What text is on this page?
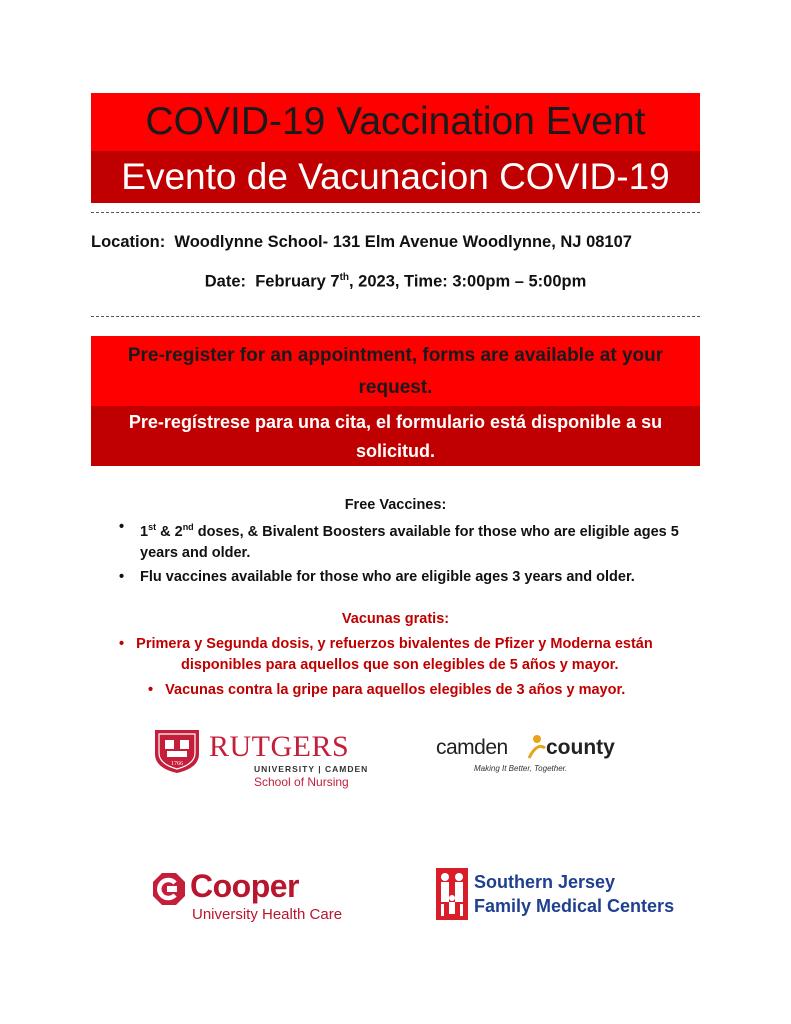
COVID-19 Vaccination Event
Evento de Vacunacion COVID-19
Location: Woodlynne School- 131 Elm Avenue Woodlynne, NJ 08107
Date: February 7th, 2023, Time: 3:00pm – 5:00pm
Pre-register for an appointment, forms are available at your request.
Pre-regístrese para una cita, el formulario está disponible a su solicitud.
Free Vaccines:
• 1st & 2nd doses, & Bivalent Boosters available for those who are eligible ages 5 years and older.
• Flu vaccines available for those who are eligible ages 3 years and older.
Vacunas gratis:
• Primera y Segunda dosis, y refuerzos bivalentes de Pfizer y Moderna están
disponibles para aquellos que son elegibles de 5 años y mayor.
• Vacunas contra la gripe para aquellos elegibles de 3 años y mayor.
1766
RUTGERS
UNIVERSITY | CAMDEN
School of Nursing
camden county
Making It Better, Together.
Cooper
University Health Care
Southern Jersey
Family Medical Centers
